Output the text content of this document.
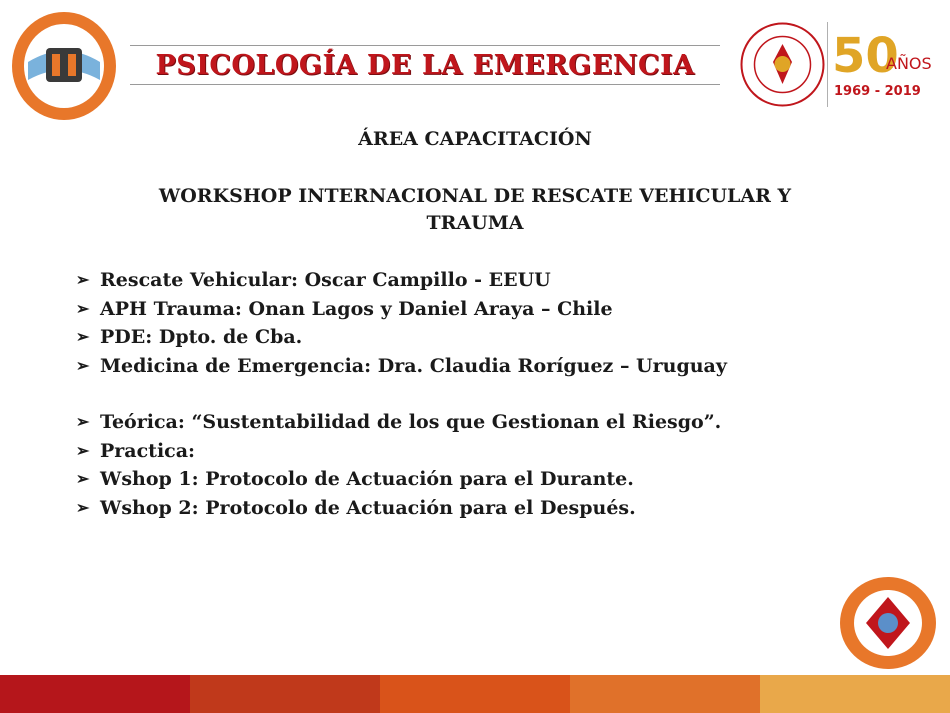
PSICOLOGÍA DE LA EMERGENCIA	50
AÑOS
1969 - 2019
ÁREA CAPACITACIÓN
WORKSHOP INTERNACIONAL DE RESCATE VEHICULAR Y
TRAUMA
➢ Rescate Vehicular: Oscar Campillo - EEUU
➢ APH Trauma: Onan Lagos y Daniel Araya – Chile
➢ PDE: Dpto. de Cba.
➢ Medicina de Emergencia: Dra. Claudia Roríguez – Uruguay
➢ Teórica: “Sustentabilidad de los que Gestionan el Riesgo”.
➢ Practica:
➢ Wshop 1: Protocolo de Actuación para el Durante.
➢ Wshop 2: Protocolo de Actuación para el Después.
